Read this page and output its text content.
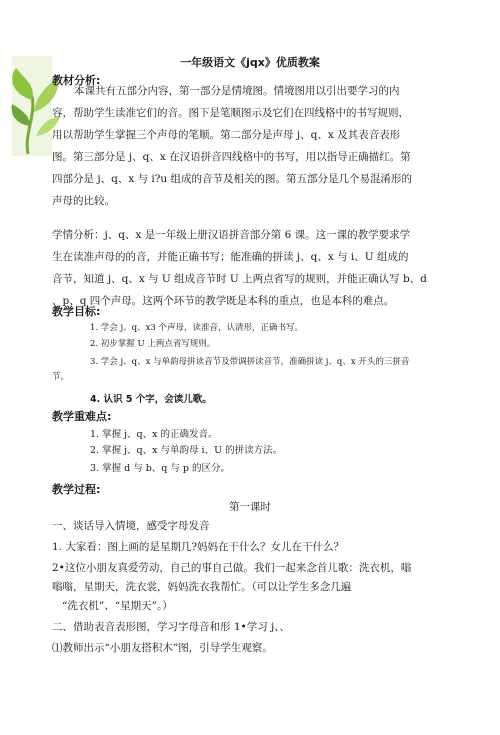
一年级语文《jqx》优质教案
教材分析:
本课共有五部分内容，第一部分是情境图。情境图用以引出要学习的内
容，帮助学生读准它们的音。图下是笔顺图示及它们在四线格中的书写规则，
用以帮助学生掌握三个声母的笔顺。第二部分是声母 j、q、x 及其表音表形
图。第三部分是 j、q、x 在汉语拼音四线格中的书写，用以指导正确描红。第
四部分是 j、q、x 与 i?u 组成的音节及相关的图。第五部分是几个易混淆形的
声母的比较。
学情分析：j、q、x 是一年级上册汉语拼音部分第 6 课。这一课的教学要求学
生在读准声母的的音，并能正确书写；能准确的拼读 j、q、x 与 i、U 组成的
音节，知道 j、q、x 与 U 组成音节时 U 上两点省写的规则，并能正确认写 b、d
、p、q 四个声母。这两个环节的教学既是本科的重点，也是本科的难点。
教学目标:
1. 学会 j、q、x3 个声母，读准音，认清形，正确书写。
2. 初步掌握 U 上两点省写规则。
3. 学会 j、q、x 与单韵母拼读音节及带调拼读音节，准确拼读 j、q、x 开头的三拼音
节。
4. 认识 5 个字，会读儿歌。
教学重难点:
1. 掌握 j、q、x 的正确发音。
2. 掌握 j、q、x 与单韵母 i、U 的拼读方法。
3. 掌握 d 与 b、q 与 p 的区分。
教学过程:
第一课时
一、谈话导入情境，感受字母发音
1. 大家看：图上画的是星期几?妈妈在干什么？女儿在干什么？
2•这位小朋友真爱劳动，自己的事自己做。我们一起来念首儿歌：洗衣机，嗡
嗡嗡，星期天，洗衣裳，妈妈洗衣我帮忙。（可以让学生多念几遍
“洗衣机”、“星期天”。）
二、借助表音表形图，学习字母音和形 1•学习 j、、
⑴教师出示“小朋友搭积木”图，引导学生观察。
